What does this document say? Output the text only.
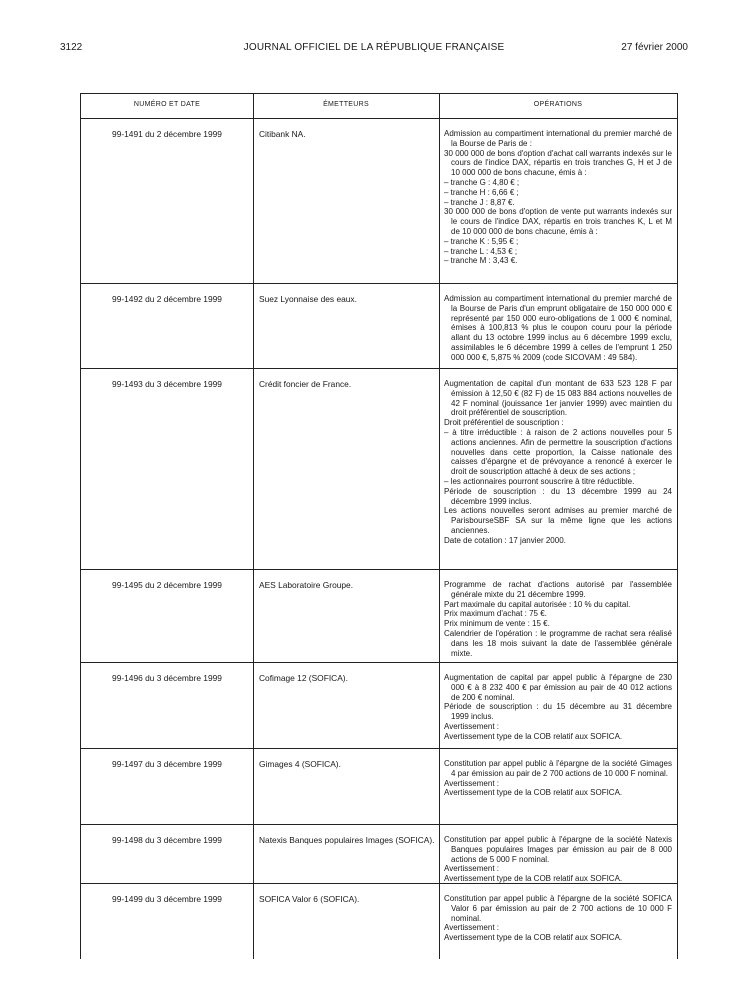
3122	JOURNAL OFFICIEL DE LA RÉPUBLIQUE FRANÇAISE	27 février 2000
NUMÉRO ET DATE	ÉMETTEURS	OPÉRATIONS
99-1491 du 2 décembre 1999	Citibank NA.	Admission au compartiment international du premier marché de la Bourse de Paris de :

30 000 000 de bons d'option d'achat call warrants indexés sur le cours de l'indice DAX, répartis en trois tranches G, H et J de 10 000 000 de bons chacune, émis à :

– tranche G : 4,80 € ;

– tranche H : 6,66 € ;

– tranche J : 8,87 €.

30 000 000 de bons d'option de vente put warrants indexés sur le cours de l'indice DAX, répartis en trois tranches K, L et M de 10 000 000 de bons chacune, émis à :

– tranche K : 5,95 € ;

– tranche L : 4,53 € ;

– tranche M : 3,43 €.

99-1492 du 2 décembre 1999	Suez Lyonnaise des eaux.	Admission au compartiment international du premier marché de la Bourse de Paris d'un emprunt obligataire de 150 000 000 € représenté par 150 000 euro-obligations de 1 000 € nominal, émises à 100,813 % plus le coupon couru pour la période allant du 13 octobre 1999 inclus au 6 décembre 1999 exclu, assimilables le 6 décembre 1999 à celles de l'emprunt 1 250 000 000 €, 5,875 % 2009 (code SICOVAM : 49 584).

99-1493 du 3 décembre 1999	Crédit foncier de France.	Augmentation de capital d'un montant de 633 523 128 F par émission à 12,50 € (82 F) de 15 083 884 actions nouvelles de 42 F nominal (jouissance 1er janvier 1999) avec maintien du droit préférentiel de souscription.

Droit préférentiel de souscription :

– à titre irréductible : à raison de 2 actions nouvelles pour 5 actions anciennes. Afin de permettre la souscription d'actions nouvelles dans cette proportion, la Caisse nationale des caisses d'épargne et de prévoyance a renoncé à exercer le droit de souscription attaché à deux de ses actions ;

– les actionnaires pourront souscrire à titre réductible.

Période de souscription : du 13 décembre 1999 au 24 décembre 1999 inclus.

Les actions nouvelles seront admises au premier marché de ParisbourseSBF SA sur la même ligne que les actions anciennes.

Date de cotation : 17 janvier 2000.

99-1495 du 2 décembre 1999	AES Laboratoire Groupe.	Programme de rachat d'actions autorisé par l'assemblée générale mixte du 21 décembre 1999.

Part maximale du capital autorisée : 10 % du capital.

Prix maximum d'achat : 75 €.

Prix minimum de vente : 15 €.

Calendrier de l'opération : le programme de rachat sera réalisé dans les 18 mois suivant la date de l'assemblée générale mixte.

99-1496 du 3 décembre 1999	Cofimage 12 (SOFICA).	Augmentation de capital par appel public à l'épargne de 230 000 € à 8 232 400 € par émission au pair de 40 012 actions de 200 € nominal.

Période de souscription : du 15 décembre au 31 décembre 1999 inclus.

Avertissement :

Avertissement type de la COB relatif aux SOFICA.

99-1497 du 3 décembre 1999	Gimages 4 (SOFICA).	Constitution par appel public à l'épargne de la société Gimages 4 par émission au pair de 2 700 actions de 10 000 F nominal.

Avertissement :

Avertissement type de la COB relatif aux SOFICA.

99-1498 du 3 décembre 1999	Natexis Banques populaires Images (SOFICA).	Constitution par appel public à l'épargne de la société Natexis Banques populaires Images par émission au pair de 8 000 actions de 5 000 F nominal.

Avertissement :

Avertissement type de la COB relatif aux SOFICA.

99-1499 du 3 décembre 1999	SOFICA Valor 6 (SOFICA).	Constitution par appel public à l'épargne de la société SOFICA Valor 6 par émission au pair de 2 700 actions de 10 000 F nominal.

Avertissement :

Avertissement type de la COB relatif aux SOFICA.
